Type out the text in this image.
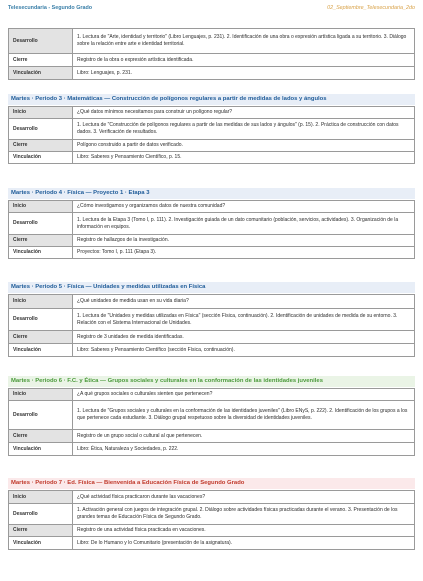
Telesecundaria - Segundo Grado	02_Septiembre_Telesecundaria_2do
Desarrollo	1. Lectura de "Arte, identidad y territorio" (Libro Lenguajes, p. 231). 2. Identificación de una obra o expresión artística ligada a su territorio. 3. Diálogo sobre la relación entre arte e identidad territorial.
Cierre	Registro de la obra o expresión artística identificada.
Vinculación	Libro: Lenguajes, p. 231.
Martes · Periodo 3 · Matemáticas — Construcción de polígonos regulares a partir de medidas de lados y ángulos
Inicio	¿Qué datos mínimos necesitamos para construir un polígono regular?
Desarrollo	1. Lectura de "Construcción de polígonos regulares a partir de las medidas de sus lados y ángulos" (p. 15). 2. Práctica de construcción con datos dados. 3. Verificación de resultados.
Cierre	Polígono construido a partir de datos verificado.
Vinculación	Libro: Saberes y Pensamiento Científico, p. 15.
Martes · Periodo 4 · Física — Proyecto 1 · Etapa 3
Inicio	¿Cómo investigamos y organizamos datos de nuestra comunidad?
Desarrollo	1. Lectura de la Etapa 3 (Tomo I, p. 111). 2. Investigación guiada de un dato comunitario (población, servicios, actividades). 3. Organización de la información en equipos.
Cierre	Registro de hallazgos de la investigación.
Vinculación	Proyectos: Tomo I, p. 111 (Etapa 3).
Martes · Periodo 5 · Física — Unidades y medidas utilizadas en Física
Inicio	¿Qué unidades de medida usan en su vida diaria?
Desarrollo	1. Lectura de "Unidades y medidas utilizadas en Física" (sección Física, continuación). 2. Identificación de unidades de medida de su entorno. 3. Relación con el Sistema Internacional de Unidades.
Cierre	Registro de 3 unidades de medida identificadas.
Vinculación	Libro: Saberes y Pensamiento Científico (sección Física, continuación).
Martes · Periodo 6 · F.C. y Ética — Grupos sociales y culturales en la conformación de las identidades juveniles
Inicio	¿A qué grupos sociales o culturales sienten que pertenecen?
Desarrollo	1. Lectura de "Grupos sociales y culturales en la conformación de las identidades juveniles" (Libro ENyS, p. 222). 2. Identificación de los grupos a los que pertenece cada estudiante. 3. Diálogo grupal respetuoso sobre la diversidad de identidades juveniles.
Cierre	Registro de un grupo social o cultural al que pertenecen.
Vinculación	Libro: Ética, Naturaleza y Sociedades, p. 222.
Martes · Periodo 7 · Ed. Física — Bienvenida a Educación Física de Segundo Grado
Inicio	¿Qué actividad física practicaron durante las vacaciones?
Desarrollo	1. Activación general con juegos de integración grupal. 2. Diálogo sobre actividades físicas practicadas durante el verano. 3. Presentación de los grandes temas de Educación Física de Segundo Grado.
Cierre	Registro de una actividad física practicada en vacaciones.
Vinculación	Libro: De lo Humano y lo Comunitario (presentación de la asignatura).
